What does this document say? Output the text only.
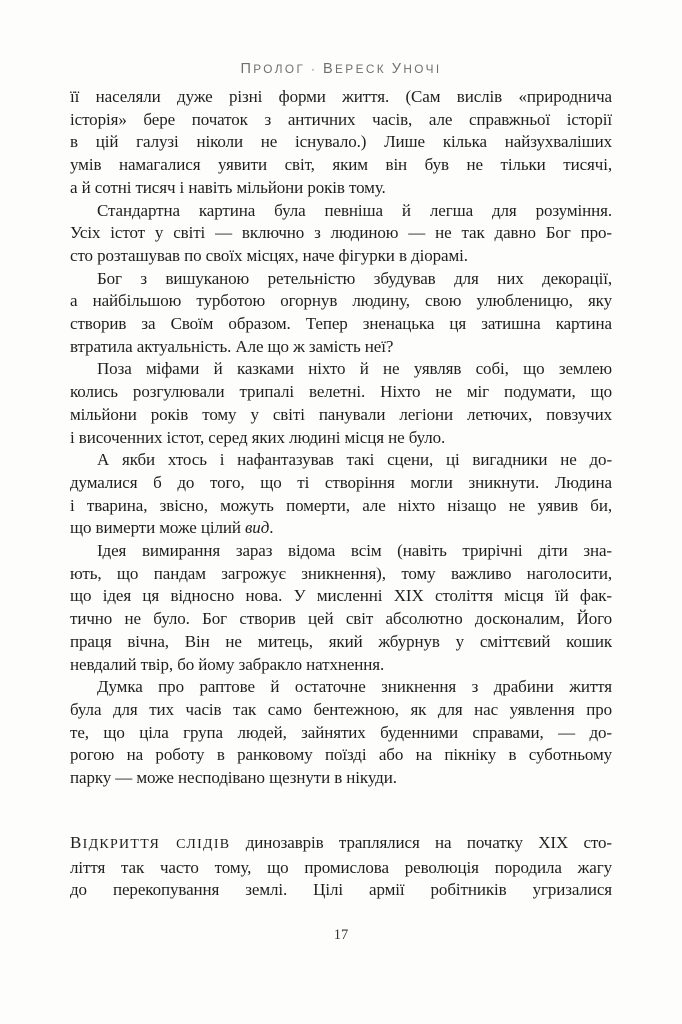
ПРОЛОГ · ВЕРЕСК УНОЧІ
її населяли дуже різні форми життя. (Сам вислів «природнича
історія» бере початок з античних часів, але справжньої історії
в цій галузі ніколи не існувало.) Лише кілька найзухваліших
умів намагалися уявити світ, яким він був не тільки тисячі,
а й сотні тисяч і навіть мільйони років тому.
Стандартна картина була певніша й легша для розуміння.
Усіх істот у світі — включно з людиною — не так давно Бог про-
сто розташував по своїх місцях, наче фігурки в діорамі.
Бог з вишуканою ретельністю збудував для них декорації,
а найбільшою турботою огорнув людину, свою улюбленицю, яку
створив за Своїм образом. Тепер зненацька ця затишна картина
втратила актуальність. Але що ж замість неї?
Поза міфами й казками ніхто й не уявляв собі, що землею
колись розгулювали трипалі велетні. Ніхто не міг подумати, що
мільйони років тому у світі панували легіони летючих, повзучих
і височенних істот, серед яких людині місця не було.
А якби хтось і нафантазував такі сцени, ці вигадники не до-
думалися б до того, що ті створіння могли зникнути. Людина
і тварина, звісно, можуть померти, але ніхто нізащо не уявив би,
що вимерти може цілий вид.
Ідея вимирання зараз відома всім (навіть трирічні діти зна-
ють, що пандам загрожує зникнення), тому важливо наголосити,
що ідея ця відносно нова. У мисленні XIX століття місця їй фак-
тично не було. Бог створив цей світ абсолютно досконалим, Його
праця вічна, Він не митець, який жбурнув у сміттєвий кошик
невдалий твір, бо йому забракло натхнення.
Думка про раптове й остаточне зникнення з драбини життя
була для тих часів так само бентежною, як для нас уявлення про
те, що ціла група людей, зайнятих буденними справами, — до-
рогою на роботу в ранковому поїзді або на пікніку в суботньому
парку — може несподівано щезнути в нікуди.
ВІДКРИТТЯ СЛІДІВ динозаврів траплялися на початку XIX сто-
ліття так часто тому, що промислова революція породила жагу
до перекопування землі. Цілі армії робітників угризалися
17
